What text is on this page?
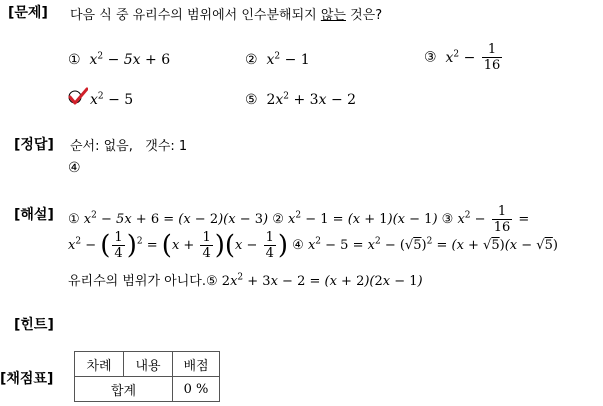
[문제] 다음 식 중 유리수의 범위에서 인수분해되지 않는 것은?
① $x^2 - 5x + 6$	② $x^2 - 1$	③ $x^2 - \frac{1}{16}$
$x^2 - 5$	⑤ $2x^2 + 3x - 2$
[정답] 순서: 없음, 갯수: 1
④
[해설] ① $x^2 - 5x + 6 = (x - 2)(x - 3)$ ② $x^2 - 1 = (x + 1)(x - 1)$ ③ $x^2 - \frac{1}{16}$ =
$x^2$ − ( $\frac{1}{4} )^2 = (x + \frac{1}{4} )(x - \frac{1}{4}$ ) ④ $x^2 - 5 = x^2 - (√5)^2 = (x + √5)(x - √5)$
유리수의 범위가 아니다.⑤ $2x^2 + 3x - 2 = (x + 2)(2x - 1)$
[힌트]
[채점표]
차례	내용	배점
합계		0 %
